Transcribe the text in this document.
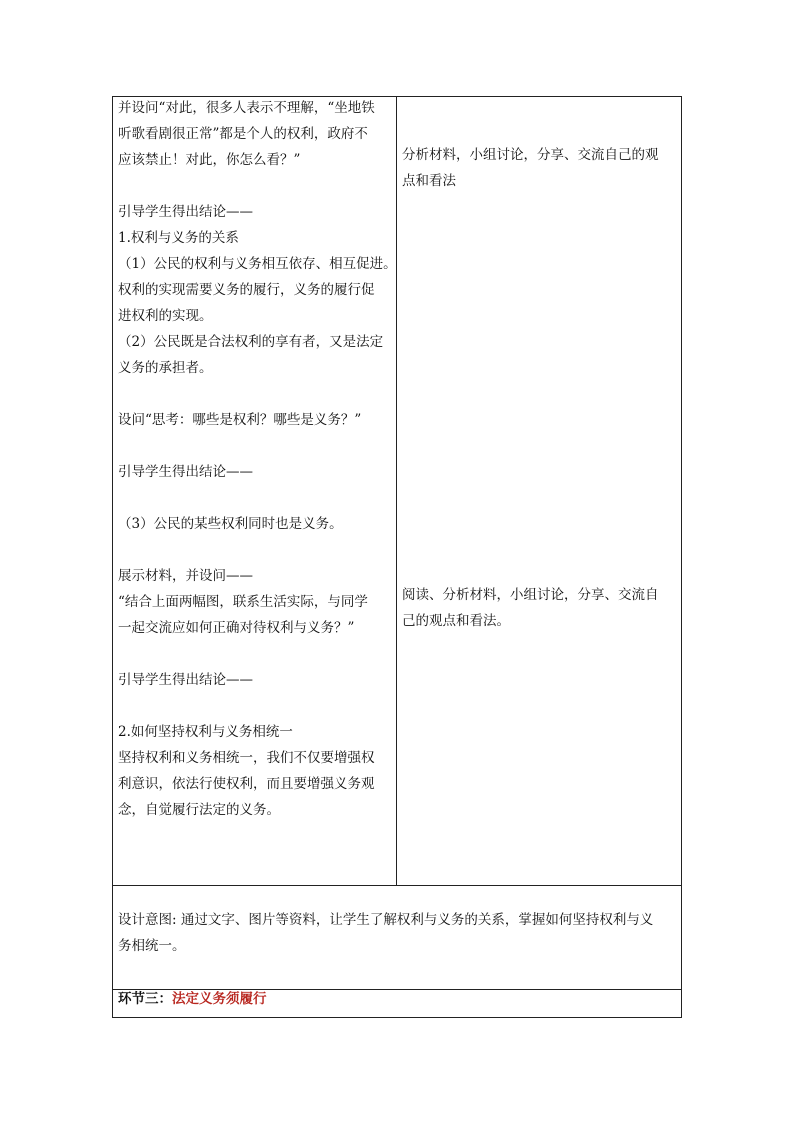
并设问“对此，很多人表示不理解，“坐地铁

听歌看剧很正常”都是个人的权利，政府不

应该禁止！对此，你怎么看？”

引导学生得出结论——

1.权利与义务的关系

（1）公民的权利与义务相互依存、相互促进。

权利的实现需要义务的履行，义务的履行促

进权利的实现。

（2）公民既是合法权利的享有者，又是法定

义务的承担者。

设问“思考：哪些是权利？哪些是义务？”

引导学生得出结论——

（3）公民的某些权利同时也是义务。

展示材料，并设问——

“结合上面两幅图，联系生活实际，与同学

一起交流应如何正确对待权利与义务？”

引导学生得出结论——

2.如何坚持权利与义务相统一

坚持权利和义务相统一，我们不仅要增强权

利意识，依法行使权利，而且要增强义务观

念，自觉履行法定的义务。

分析材料，小组讨论，分享、交流自己的观

点和看法

阅读、分析材料，小组讨论，分享、交流自

己的观点和看法。

设计意图: 通过文字、图片等资料，让学生了解权利与义务的关系，掌握如何坚持权利与义

务相统一。

环节三：法定义务须履行
